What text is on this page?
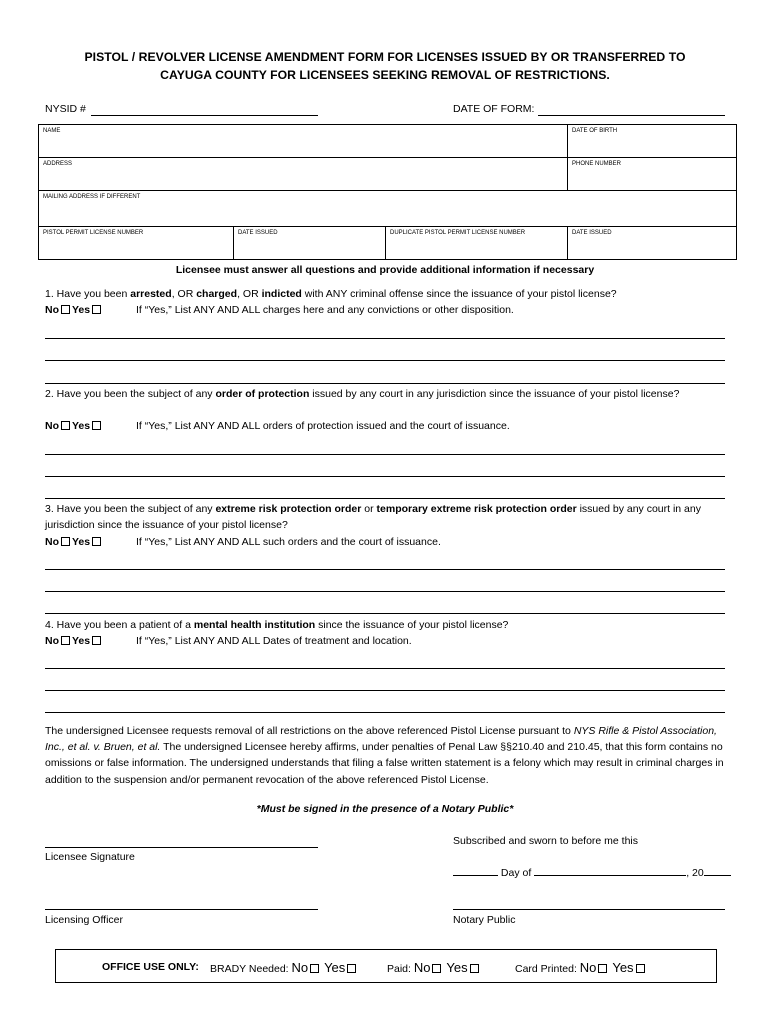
PISTOL / REVOLVER LICENSE AMENDMENT FORM FOR LICENSES ISSUED BY OR TRANSFERRED TO
CAYUGA COUNTY FOR LICENSEES SEEKING REMOVAL OF RESTRICTIONS.
NYSID #	DATE OF FORM:
NAME			DATE OF BIRTH
ADDRESS			PHONE NUMBER
MAILING ADDRESS IF DIFFERENT			
PISTOL PERMIT LICENSE NUMBER	DATE ISSUED	DUPLICATE PISTOL PERMIT LICENSE NUMBER	DATE ISSUED
Licensee must answer all questions and provide additional information if necessary
1. Have you been arrested, OR charged, OR indicted with ANY criminal offense since the issuance of your pistol license?
No Yes	If “Yes,” List ANY AND ALL charges here and any convictions or other disposition.
2. Have you been the subject of any order of protection issued by any court in any jurisdiction since the issuance of your pistol license?
No Yes	If “Yes,” List ANY AND ALL orders of protection issued and the court of issuance.
3. Have you been the subject of any extreme risk protection order or temporary extreme risk protection order issued by any court in any jurisdiction since the issuance of your pistol license?
No Yes	If “Yes,” List ANY AND ALL such orders and the court of issuance.
4. Have you been a patient of a mental health institution since the issuance of your pistol license?
No Yes	If “Yes,” List ANY AND ALL Dates of treatment and location.
The undersigned Licensee requests removal of all restrictions on the above referenced Pistol License pursuant to NYS Rifle & Pistol Association, Inc., et al. v. Bruen, et al. The undersigned Licensee hereby affirms, under penalties of Penal Law §§210.40 and 210.45, that this form contains no omissions or false information. The undersigned understands that filing a false written statement is a felony which may result in criminal charges in addition to the suspension and/or permanent revocation of the above referenced Pistol License.
*Must be signed in the presence of a Notary Public*
Licensee Signature
Subscribed and sworn to before me this
Day of	, 20
Licensing Officer	Notary Public
OFFICE USE ONLY: BRADY Needed: No Yes	Paid: No Yes	Card Printed: No Yes
